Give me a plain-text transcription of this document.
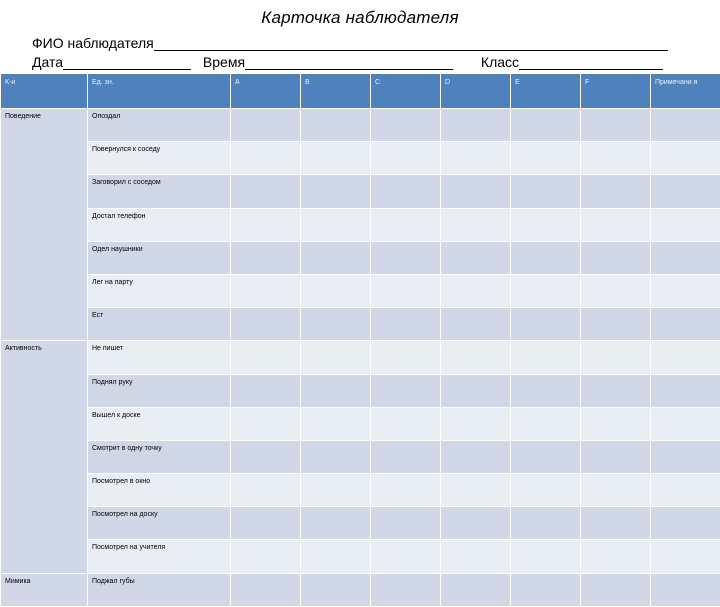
Карточка наблюдателя
ФИО наблюдателя
Дата	Время	Класс
К-и	Ед. зн.	A	B	C	D	E	F	Примечани я
Поведение	Опоздал							
	Повернулся к соседу							
	Заговорил с соседом							
	Достал телефон							
	Одел наушники							
	Лег на парту							
	Ест							
Активность	Не пишет							
	Поднял руку							
	Вышел к доске							
	Смотрит в одну точку							
	Посмотрел в окно							
	Посмотрел на доску							
	Посмотрел на учителя							
Мимика	Поджал губы							
